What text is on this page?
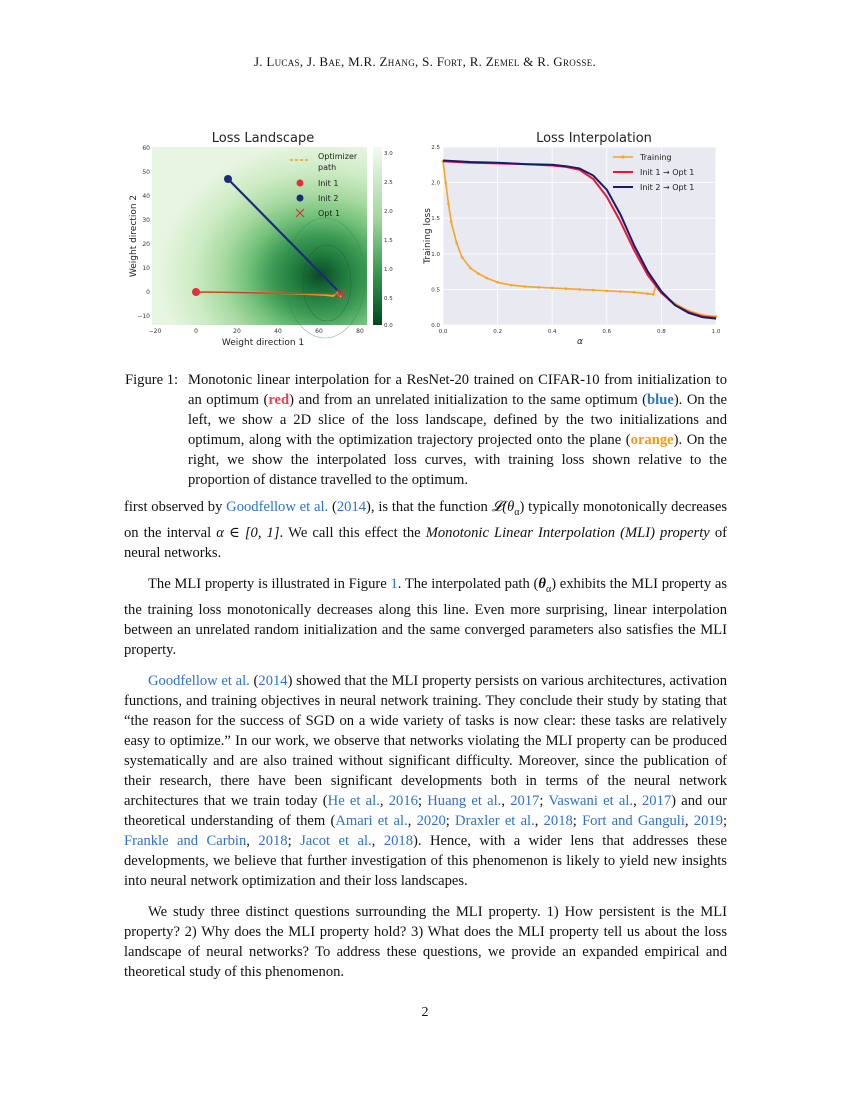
J. Lucas, J. Bae, M.R. Zhang, S. Fort, R. Zemel & R. Grosse.
Loss Landscape
60
50
40
30
20
10
0
−10
−20	0	20	40	60	80
Weight direction 1
Weight direction 2
Optimizer
path
Init 1
Init 2
Opt 1
3.0
2.5
2.0
1.5
1.0
0.5
0.0
Loss Interpolation
0.0
0.5
1.0
1.5
2.0
2.5
0.0	0.2	0.4	0.6	0.8	1.0
α
Training loss
Training
Init 1 → Opt 1
Init 2 → Opt 1
Figure 1: Monotonic linear interpolation for a ResNet-20 trained on CIFAR-10 from initialization to an optimum (red) and from an unrelated initialization to the same optimum (blue). On the left, we show a 2D slice of the loss landscape, defined by the two initializations and optimum, along with the optimization trajectory projected onto the plane (orange). On the right, we show the interpolated loss curves, with training loss shown relative to the proportion of distance travelled to the optimum.

first observed by Goodfellow et al. (2014), is that the function $𝓛(\theta_\alpha)$ typically monotonically decreases on the interval α ∈ [0, 1]. We call this effect the Monotonic Linear Interpolation (MLI) property of neural networks.

The MLI property is illustrated in Figure 1. The interpolated path $(\theta_\alpha)$ exhibits the MLI property as the training loss monotonically decreases along this line. Even more surprising, linear interpolation between an unrelated random initialization and the same converged parameters also satisfies the MLI property.

Goodfellow et al. (2014) showed that the MLI property persists on various architectures, activation functions, and training objectives in neural network training. They conclude their study by stating that “the reason for the success of SGD on a wide variety of tasks is now clear: these tasks are relatively easy to optimize.” In our work, we observe that networks violating the MLI property can be produced systematically and are also trained without significant difficulty. Moreover, since the publication of their research, there have been significant developments both in terms of the neural network architectures that we train today (He et al., 2016; Huang et al., 2017; Vaswani et al., 2017) and our theoretical understanding of them (Amari et al., 2020; Draxler et al., 2018; Fort and Ganguli, 2019; Frankle and Carbin, 2018; Jacot et al., 2018). Hence, with a wider lens that addresses these developments, we believe that further investigation of this phenomenon is likely to yield new insights into neural network optimization and their loss landscapes.

We study three distinct questions surrounding the MLI property. 1) How persistent is the MLI property? 2) Why does the MLI property hold? 3) What does the MLI property tell us about the loss landscape of neural networks? To address these questions, we provide an expanded empirical and theoretical study of this phenomenon.

2
